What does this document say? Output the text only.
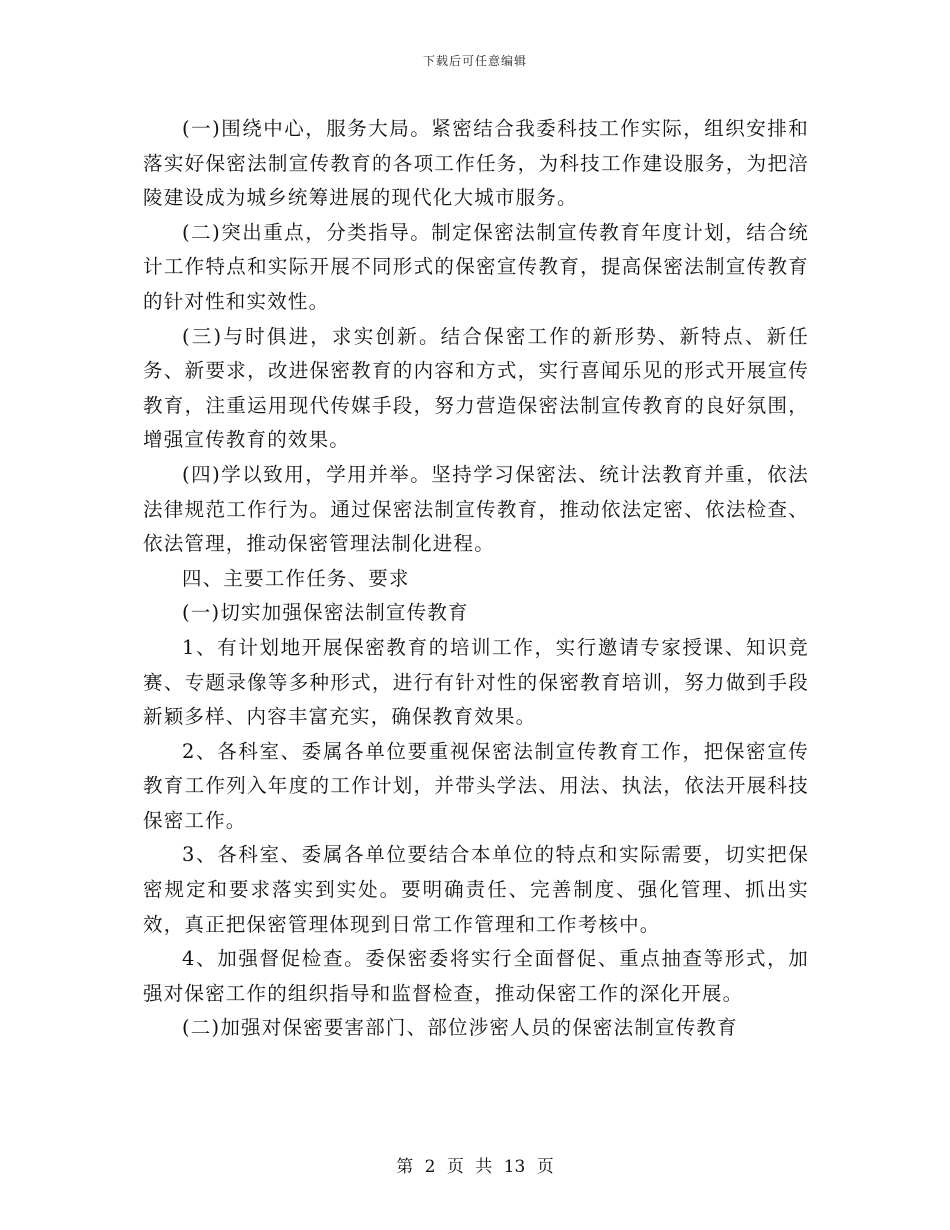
下载后可任意编辑

(一)围绕中心，服务大局。紧密结合我委科技工作实际，组织安排和落实好保密法制宣传教育的各项工作任务，为科技工作建设服务，为把涪陵建设成为城乡统筹进展的现代化大城市服务。

(二)突出重点，分类指导。制定保密法制宣传教育年度计划，结合统计工作特点和实际开展不同形式的保密宣传教育，提高保密法制宣传教育的针对性和实效性。

(三)与时俱进，求实创新。结合保密工作的新形势、新特点、新任务、新要求，改进保密教育的内容和方式，实行喜闻乐见的形式开展宣传教育，注重运用现代传媒手段，努力营造保密法制宣传教育的良好氛围，增强宣传教育的效果。

(四)学以致用，学用并举。坚持学习保密法、统计法教育并重，依法法律规范工作行为。通过保密法制宣传教育，推动依法定密、依法检查、依法管理，推动保密管理法制化进程。

四、主要工作任务、要求

(一)切实加强保密法制宣传教育

1、有计划地开展保密教育的培训工作，实行邀请专家授课、知识竞赛、专题录像等多种形式，进行有针对性的保密教育培训，努力做到手段新颖多样、内容丰富充实，确保教育效果。

2、各科室、委属各单位要重视保密法制宣传教育工作，把保密宣传教育工作列入年度的工作计划，并带头学法、用法、执法，依法开展科技保密工作。

3、各科室、委属各单位要结合本单位的特点和实际需要，切实把保密规定和要求落实到实处。要明确责任、完善制度、强化管理、抓出实效，真正把保密管理体现到日常工作管理和工作考核中。

4、加强督促检查。委保密委将实行全面督促、重点抽查等形式，加强对保密工作的组织指导和监督检查，推动保密工作的深化开展。

(二)加强对保密要害部门、部位涉密人员的保密法制宣传教育

第 2 页 共 13 页
